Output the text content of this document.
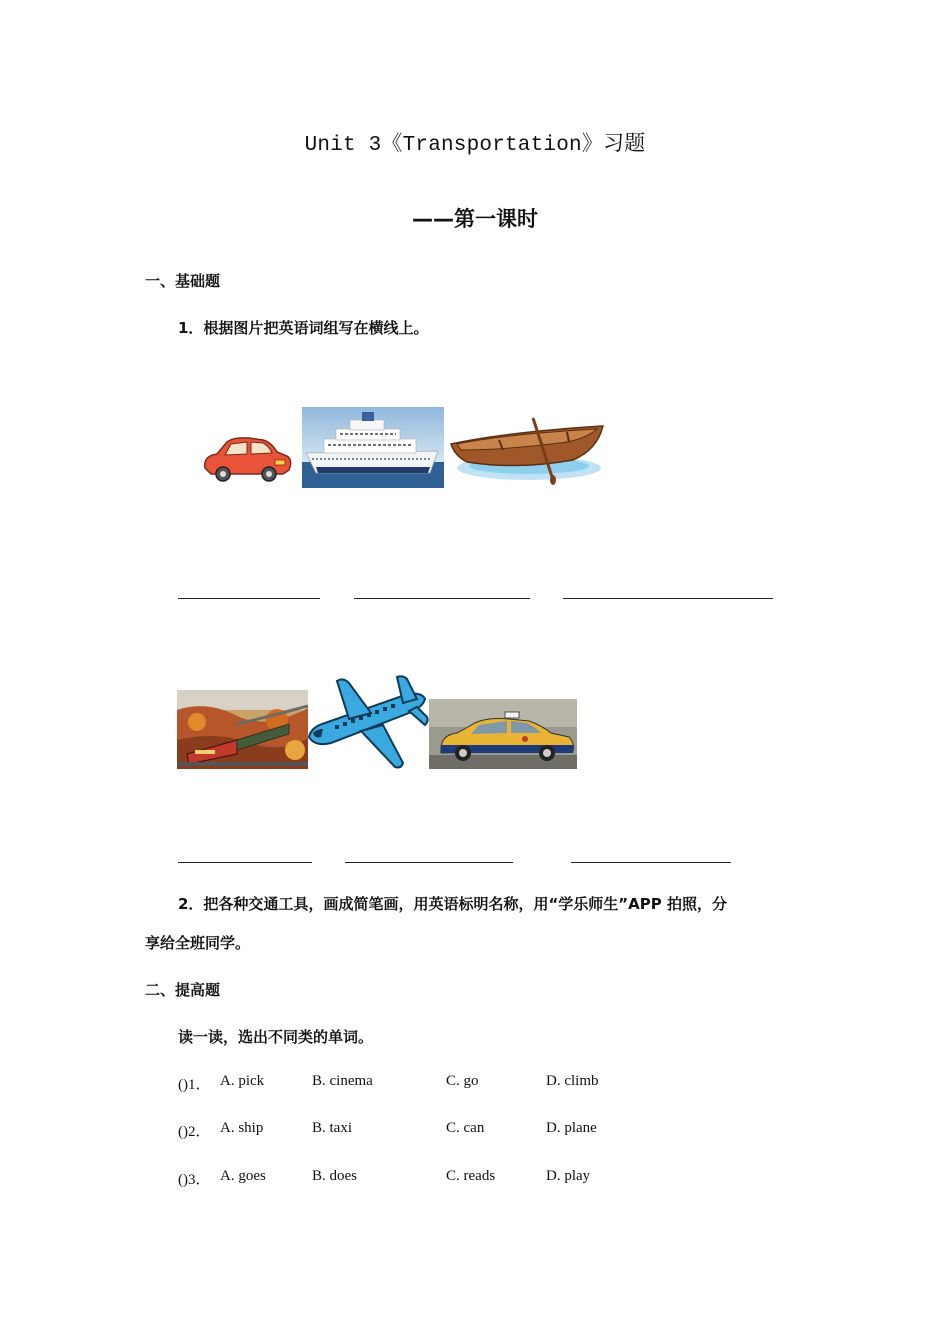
Unit 3《Transportation》习题
——第一课时
一、基础题
1．根据图片把英语词组写在横线上。
2．把各种交通工具，画成简笔画，用英语标明名称，用“学乐师生”APP 拍照，分
享给全班同学。
二、提高题
读一读，选出不同类的单词。
()1． A. pick	B. cinema	C. go	D. climb
()2． A. ship	B. taxi	C. can	D. plane
()3． A. goes	B. does	C. reads	D. play
